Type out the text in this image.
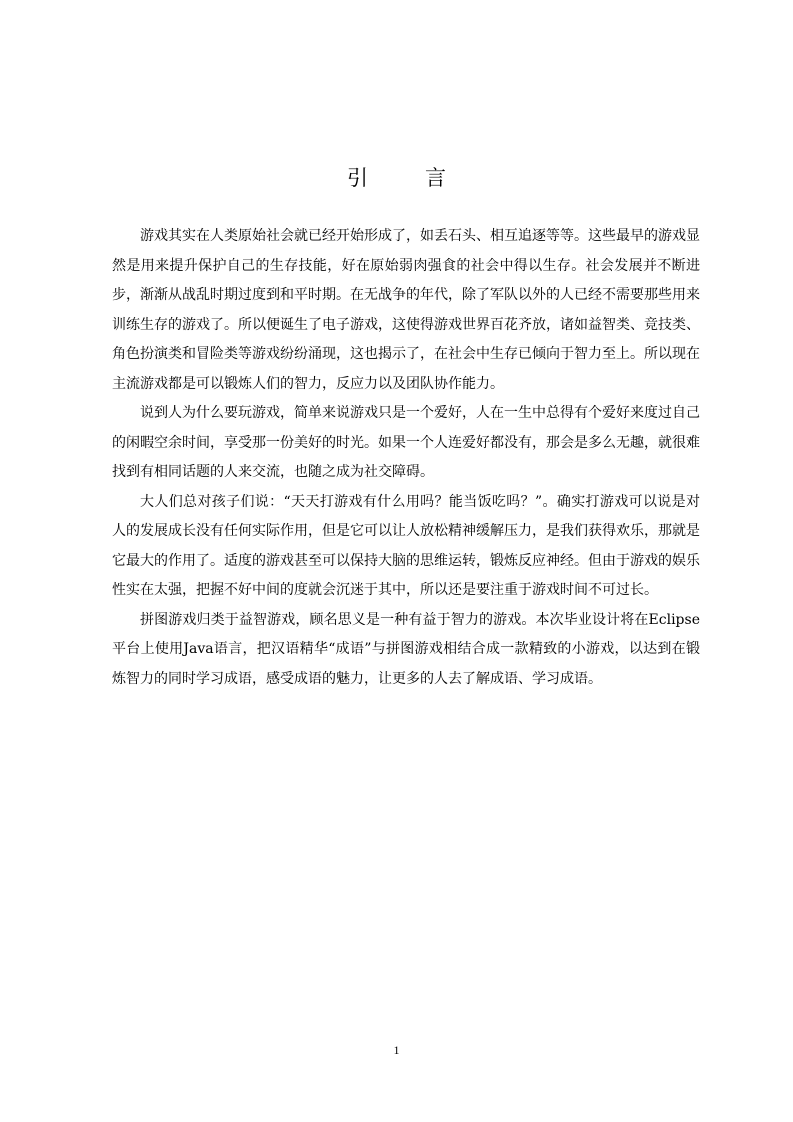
引　言

游戏其实在人类原始社会就已经开始形成了，如丢石头、相互追逐等等。这些最早的游戏显然是用来提升保护自己的生存技能，好在原始弱肉强食的社会中得以生存。社会发展并不断进步，渐渐从战乱时期过度到和平时期。在无战争的年代，除了军队以外的人已经不需要那些用来训练生存的游戏了。所以便诞生了电子游戏，这使得游戏世界百花齐放，诸如益智类、竞技类、角色扮演类和冒险类等游戏纷纷涌现，这也揭示了，在社会中生存已倾向于智力至上。所以现在主流游戏都是可以锻炼人们的智力，反应力以及团队协作能力。

说到人为什么要玩游戏，简单来说游戏只是一个爱好，人在一生中总得有个爱好来度过自己的闲暇空余时间，享受那一份美好的时光。如果一个人连爱好都没有，那会是多么无趣，就很难找到有相同话题的人来交流，也随之成为社交障碍。

大人们总对孩子们说：“天天打游戏有什么用吗？能当饭吃吗？”。确实打游戏可以说是对人的发展成长没有任何实际作用，但是它可以让人放松精神缓解压力，是我们获得欢乐，那就是它最大的作用了。适度的游戏甚至可以保持大脑的思维运转，锻炼反应神经。但由于游戏的娱乐性实在太强，把握不好中间的度就会沉迷于其中，所以还是要注重于游戏时间不可过长。

拼图游戏归类于益智游戏，顾名思义是一种有益于智力的游戏。本次毕业设计将在Eclipse平台上使用Java语言，把汉语精华“成语”与拼图游戏相结合成一款精致的小游戏，以达到在锻炼智力的同时学习成语，感受成语的魅力，让更多的人去了解成语、学习成语。

1
